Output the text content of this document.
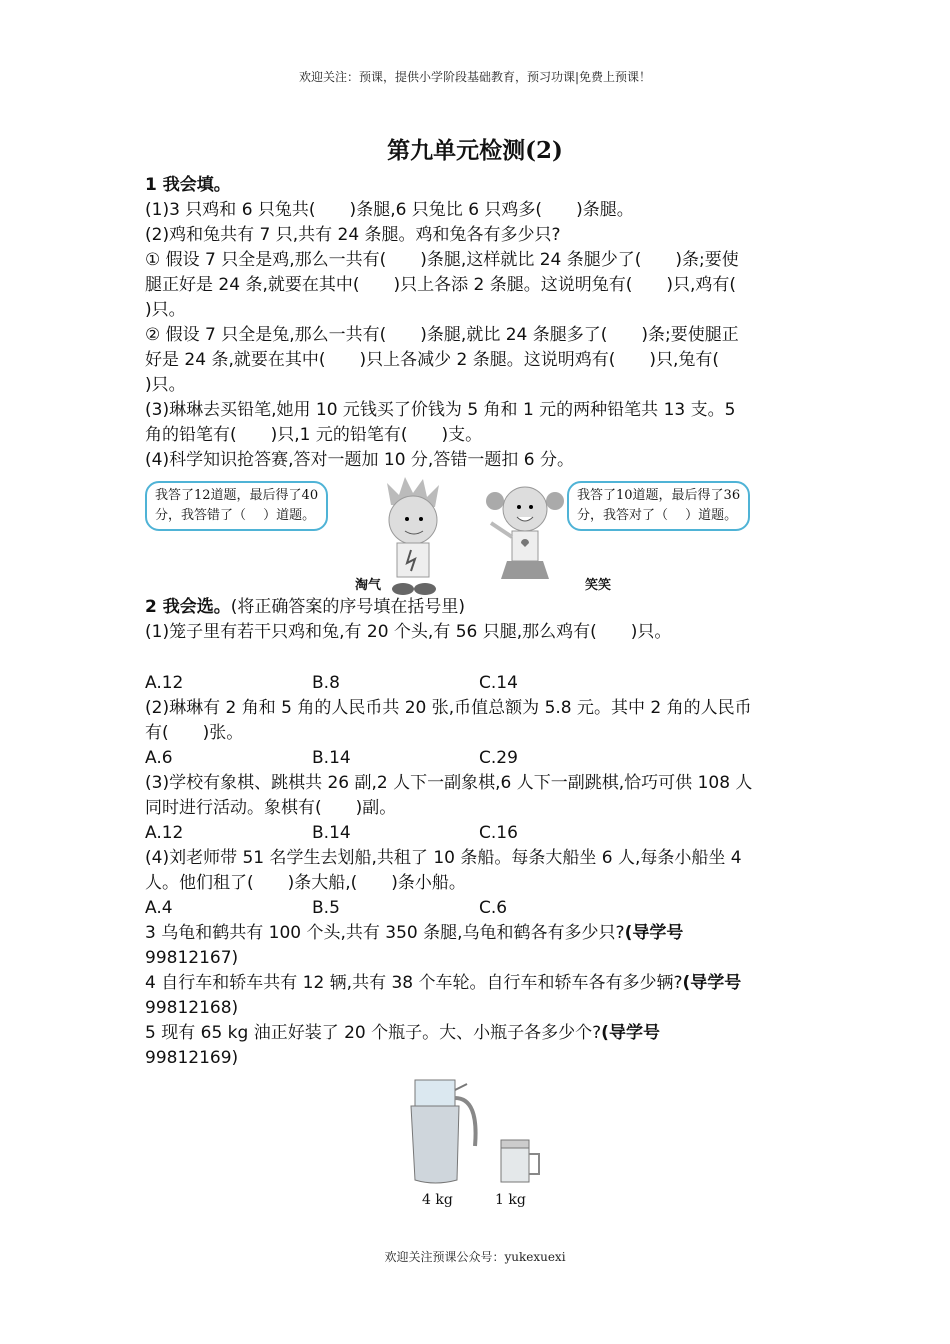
欢迎关注：预课，提供小学阶段基础教育，预习功课|免费上预课！
第九单元检测(2)
1 我会填。
(1)3 只鸡和 6 只兔共(　　)条腿,6 只兔比 6 只鸡多(　　)条腿。
(2)鸡和兔共有 7 只,共有 24 条腿。鸡和兔各有多少只?
① 假设 7 只全是鸡,那么一共有(　　)条腿,这样就比 24 条腿少了(　　)条;要使
腿正好是 24 条,就要在其中(　　)只上各添 2 条腿。这说明兔有(　　)只,鸡有(
)只。
② 假设 7 只全是兔,那么一共有(　　)条腿,就比 24 条腿多了(　　)条;要使腿正
好是 24 条,就要在其中(　　)只上各减少 2 条腿。这说明鸡有(　　)只,兔有(
)只。
(3)琳琳去买铅笔,她用 10 元钱买了价钱为 5 角和 1 元的两种铅笔共 13 支。5
角的铅笔有(　　)只,1 元的铅笔有(　　)支。
(4)科学知识抢答赛,答对一题加 10 分,答错一题扣 6 分。
我答了12道题，最后得了40
分，我答错了（　 ）道题。
淘气	笑笑
我答了10道题，最后得了36
分，我答对了（　 ）道题。
2 我会选。(将正确答案的序号填在括号里)
(1)笼子里有若干只鸡和兔,有 20 个头,有 56 只腿,那么鸡有(　　)只。
A.12	B.8	C.14
(2)琳琳有 2 角和 5 角的人民币共 20 张,币值总额为 5.8 元。其中 2 角的人民币
有(　　)张。
A.6	B.14	C.29
(3)学校有象棋、跳棋共 26 副,2 人下一副象棋,6 人下一副跳棋,恰巧可供 108 人
同时进行活动。象棋有(　　)副。
A.12	B.14	C.16
(4)刘老师带 51 名学生去划船,共租了 10 条船。每条大船坐 6 人,每条小船坐 4
人。他们租了(　　)条大船,(　　)条小船。
A.4	B.5	C.6
3 乌龟和鹤共有 100 个头,共有 350 条腿,乌龟和鹤各有多少只?(导学号
99812167)
4 自行车和轿车共有 12 辆,共有 38 个车轮。自行车和轿车各有多少辆?(导学号
99812168)
5 现有 65 kg 油正好装了 20 个瓶子。大、小瓶子各多少个?(导学号
99812169)
4 kg	1 kg
欢迎关注预课公众号：yukexuexi
